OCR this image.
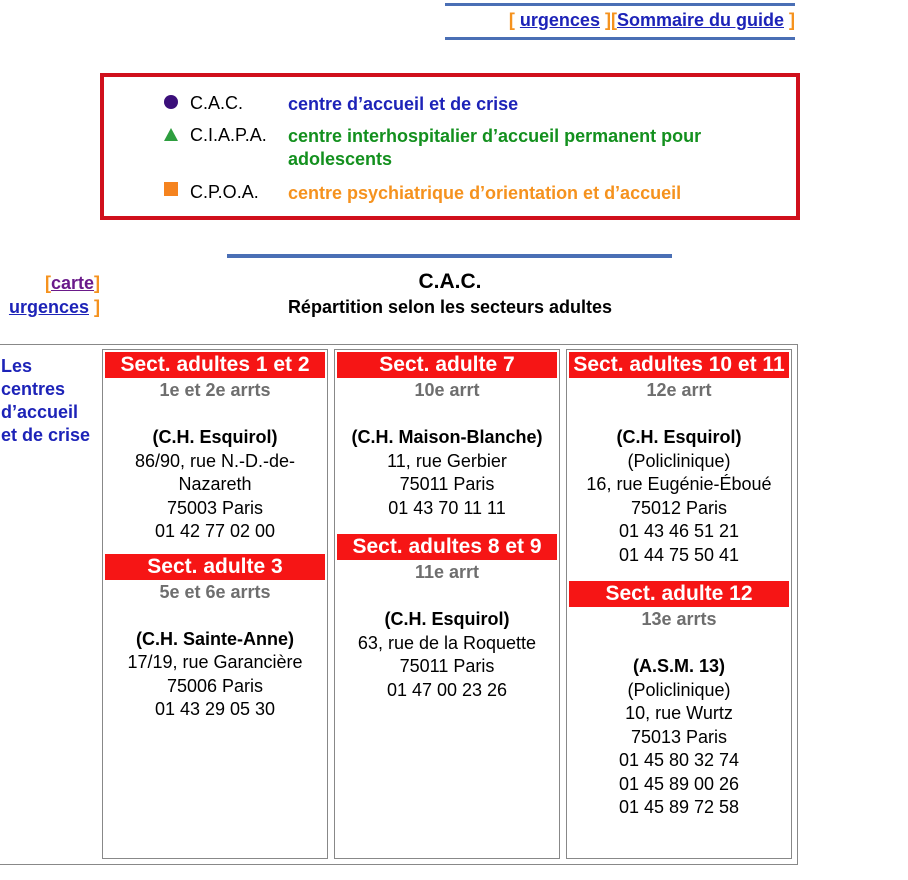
[ urgences ][Sommaire du guide ]
C.A.C. centre d’accueil et de crise
C.I.A.P.A. centre interhospitalier d’accueil permanent pour adolescents
C.P.O.A. centre psychiatrique d’orientation et d’accueil
[carte]
urgences ]
C.A.C.
Répartition selon les secteurs adultes
Les centres d’accueil et de crise
Sect. adultes 1 et 2
1e et 2e arrts
(C.H. Esquirol)
86/90, rue N.-D.-de-Nazareth
75003 Paris
01 42 77 02 00
Sect. adulte 3
5e et 6e arrts
(C.H. Sainte-Anne)
17/19, rue Garancière
75006 Paris
01 43 29 05 30
Sect. adulte 7
10e arrt
(C.H. Maison-Blanche)
11, rue Gerbier
75011 Paris
01 43 70 11 11
Sect. adultes 8 et 9
11e arrt
(C.H. Esquirol)
63, rue de la Roquette
75011 Paris
01 47 00 23 26
Sect. adultes 10 et 11
12e arrt
(C.H. Esquirol)
(Policlinique)
16, rue Eugénie-Éboué
75012 Paris
01 43 46 51 21
01 44 75 50 41
Sect. adulte 12
13e arrts
(A.S.M. 13)
(Policlinique)
10, rue Wurtz
75013 Paris
01 45 80 32 74
01 45 89 00 26
01 45 89 72 58
